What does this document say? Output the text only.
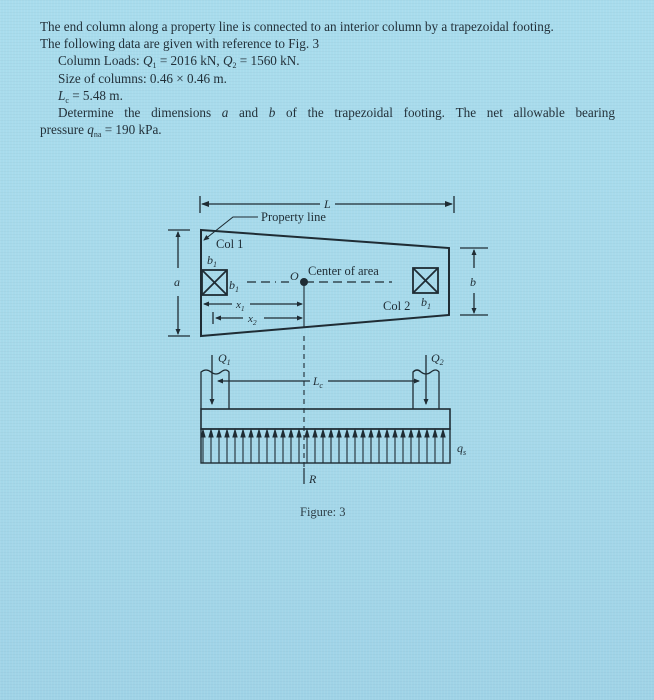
The end column along a property line is connected to an interior column by a trapezoidal footing.
The following data are given with reference to Fig. 3
Column Loads: $Q_1 = 2016$ kN, $Q_2 = 1560$ kN.
Size of columns: 0.46 × 0.46 m.
$L_c = 5.48$ m.
Determine the dimensions a and b of the trapezoidal footing. The net allowable bearing
pressure $q_{na} = 190$ kPa.
L
Property line
Col 1
$b_1$
$b_1$
a	O Center of area
Col 2 $b_1$
b
$x_1$
$x_2$
$Q_1$	$Q_2$
$L_c$
$q_s$
R
Figure: 3
